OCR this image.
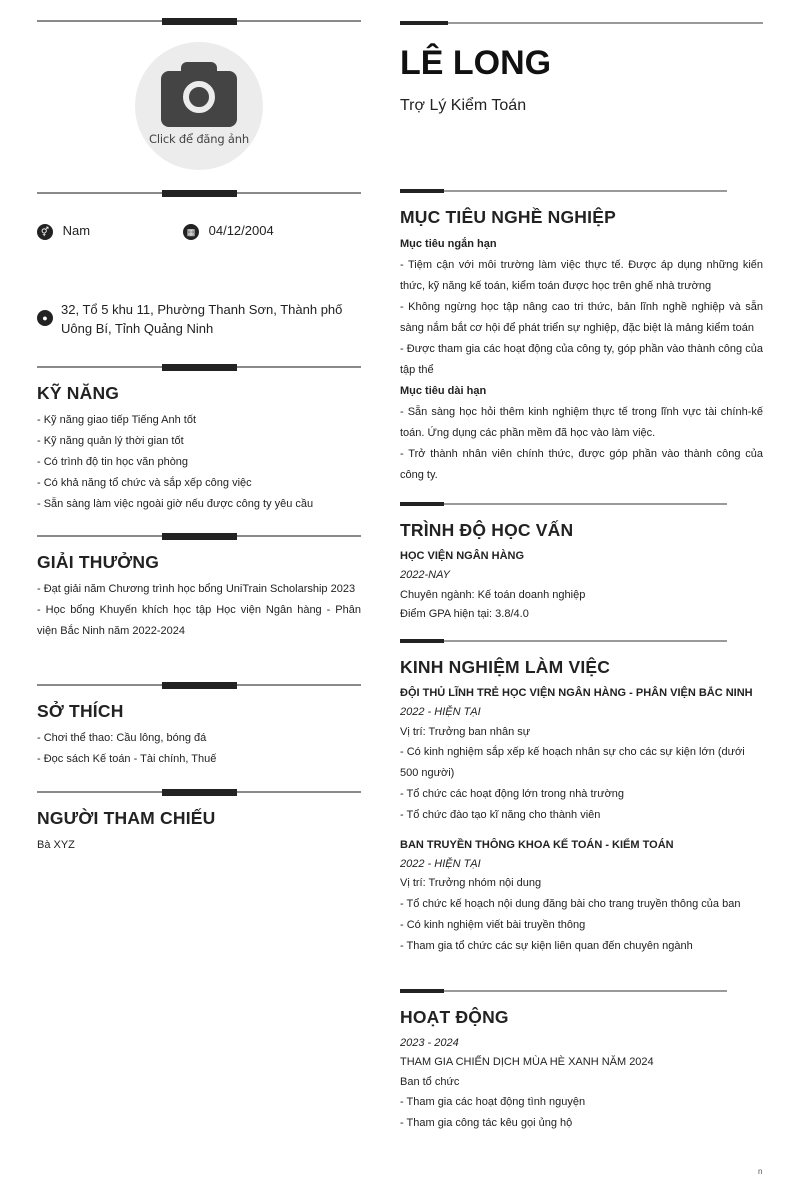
Click để đăng ảnh
⚥ Nam	▦ 04/12/2004
●
32, Tổ 5 khu 11, Phường Thanh Sơn, Thành phố
Uông Bí, Tỉnh Quảng Ninh
KỸ NĂNG
- Kỹ năng giao tiếp Tiếng Anh tốt
- Kỹ năng quản lý thời gian tốt
- Có trình độ tin học văn phòng
- Có khả năng tổ chức và sắp xếp công việc
- Sẵn sàng làm việc ngoài giờ nếu được công ty yêu cầu
GIẢI THƯỞNG
- Đạt giải năm Chương trình học bổng UniTrain Scholarship 2023
- Học bổng Khuyến khích học tập Học viện Ngân hàng - Phân viện Bắc Ninh năm 2022-2024
SỞ THÍCH
- Chơi thể thao: Cầu lông, bóng đá
- Đọc sách Kế toán - Tài chính, Thuế
NGƯỜI THAM CHIẾU
Bà XYZ
LÊ LONG
Trợ Lý Kiểm Toán
MỤC TIÊU NGHỀ NGHIỆP
Mục tiêu ngắn hạn
- Tiệm cận với môi trường làm việc thực tế. Được áp dụng những kiến thức, kỹ năng kế toán, kiểm toán được học trên ghế nhà trường
- Không ngừng học tập nâng cao tri thức, bản lĩnh nghề nghiệp và sẵn sàng nắm bắt cơ hội để phát triển sự nghiệp, đặc biệt là mảng kiểm toán
- Được tham gia các hoạt động của công ty, góp phần vào thành công của tập thể
Mục tiêu dài hạn
- Sẵn sàng học hỏi thêm kinh nghiệm thực tế trong lĩnh vực tài chính-kế toán. Ứng dụng các phần mềm đã học vào làm việc.
- Trở thành nhân viên chính thức, được góp phần vào thành công của công ty.
TRÌNH ĐỘ HỌC VẤN
HỌC VIỆN NGÂN HÀNG
2022-NAY
Chuyên ngành: Kế toán doanh nghiệp
Điểm GPA hiện tại: 3.8/4.0
KINH NGHIỆM LÀM VIỆC
ĐỘI THỦ LĨNH TRẺ HỌC VIỆN NGÂN HÀNG - PHÂN VIỆN BẮC NINH
2022 - HIỆN TẠI
Vị trí: Trưởng ban nhân sự
- Có kinh nghiệm sắp xếp kế hoạch nhân sự cho các sự kiện lớn (dưới 500 người)
- Tổ chức các hoạt động lớn trong nhà trường
- Tổ chức đào tạo kĩ năng cho thành viên
BAN TRUYỀN THÔNG KHOA KẾ TOÁN - KIỂM TOÁN
2022 - HIỆN TẠI
Vị trí: Trưởng nhóm nội dung
- Tổ chức kế hoạch nội dung đăng bài cho trang truyền thông của ban
- Có kinh nghiệm viết bài truyền thông
- Tham gia tổ chức các sự kiện liên quan đến chuyên ngành
HOẠT ĐỘNG
2023 - 2024
THAM GIA CHIẾN DỊCH MÙA HÈ XANH NĂM 2024
Ban tổ chức
- Tham gia các hoạt động tình nguyện
- Tham gia công tác kêu gọi ủng hộ
n
